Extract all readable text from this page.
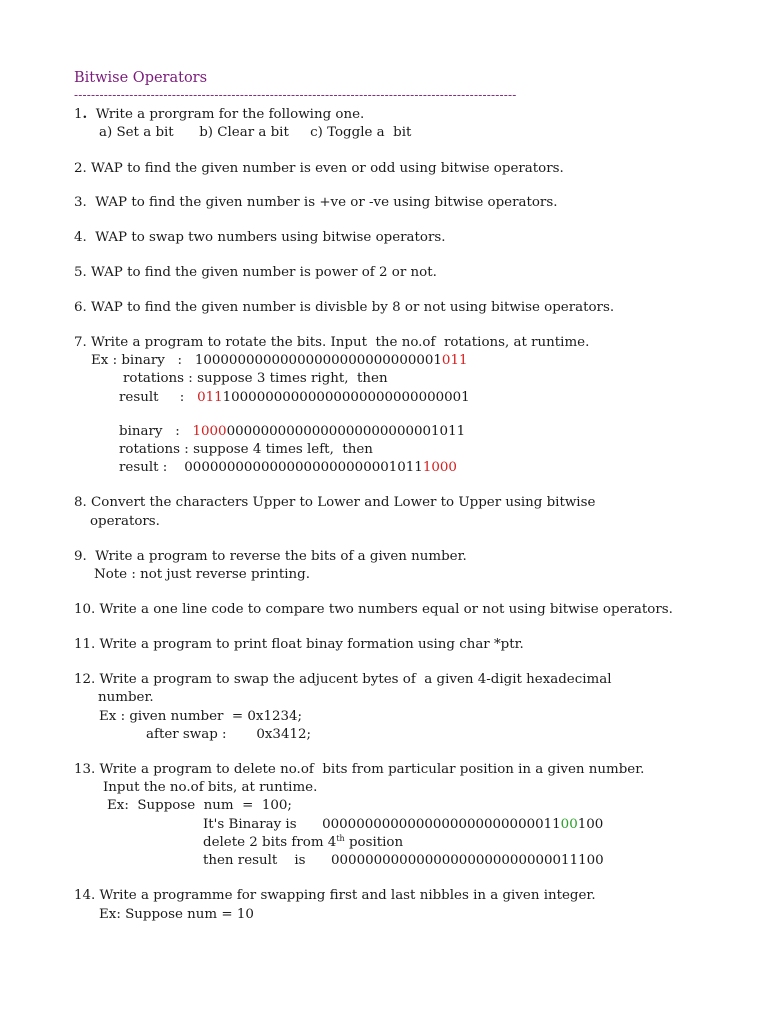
Bitwise Operators
--------------------------------------------------------------------------------------------------------
1.  Write a prorgram for the following one.
a) Set a bit      b) Clear a bit     c) Toggle a  bit
2. WAP to find the given number is even or odd using bitwise operators.
3.  WAP to find the given number is +ve or -ve using bitwise operators.
4.  WAP to swap two numbers using bitwise operators.
5. WAP to find the given number is power of 2 or not.
6. WAP to find the given number is divisble by 8 or not using bitwise operators.
7. Write a program to rotate the bits. Input  the no.of  rotations, at runtime.
Ex : binary   :   10000000000000000000000000001011
rotations : suppose 3 times right,  then
result     :   01110000000000000000000000000001
binary   :   10000000000000000000000000001011
rotations : suppose 4 times left,  then
result :    00000000000000000000000010111000
8. Convert the characters Upper to Lower and Lower to Upper using bitwise
operators.
9.  Write a program to reverse the bits of a given number.
Note : not just reverse printing.
10. Write a one line code to compare two numbers equal or not using bitwise operators.
11. Write a program to print float binay formation using char *ptr.
12. Write a program to swap the adjucent bytes of  a given 4-digit hexadecimal
number.
Ex : given number  = 0x1234;
after swap :       0x3412;
13. Write a program to delete no.of  bits from particular position in a given number.
Input the no.of bits, at runtime.
Ex:  Suppose  num  =  100;
It's Binaray is      000000000000000000000000001100100
delete 2 bits from 4th position
then result    is      00000000000000000000000000011100
14. Write a programme for swapping first and last nibbles in a given integer.
Ex: Suppose num = 10
